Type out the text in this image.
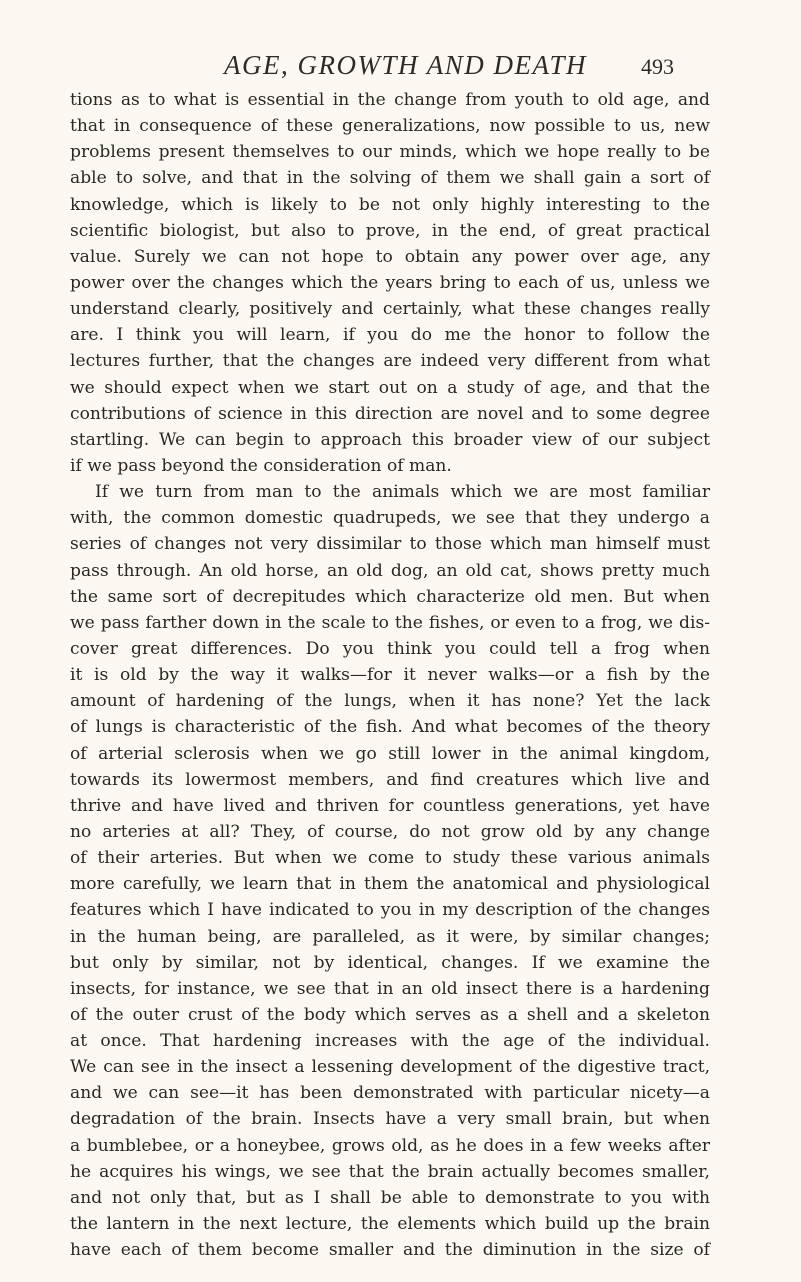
AGE, GROWTH AND DEATH 493
tions as to what is essential in the change from youth to old age, and
that in consequence of these generalizations, now possible to us, new
problems present themselves to our minds, which we hope really to be
able to solve, and that in the solving of them we shall gain a sort of
knowledge, which is likely to be not only highly interesting to the
scientific biologist, but also to prove, in the end, of great practical
value. Surely we can not hope to obtain any power over age, any
power over the changes which the years bring to each of us, unless we
understand clearly, positively and certainly, what these changes really
are. I think you will learn, if you do me the honor to follow the
lectures further, that the changes are indeed very different from what
we should expect when we start out on a study of age, and that the
contributions of science in this direction are novel and to some degree
startling. We can begin to approach this broader view of our subject
if we pass beyond the consideration of man.
If we turn from man to the animals which we are most familiar
with, the common domestic quadrupeds, we see that they undergo a
series of changes not very dissimilar to those which man himself must
pass through. An old horse, an old dog, an old cat, shows pretty much
the same sort of decrepitudes which characterize old men. But when
we pass farther down in the scale to the fishes, or even to a frog, we dis-
cover great differences. Do you think you could tell a frog when
it is old by the way it walks—for it never walks—or a fish by the
amount of hardening of the lungs, when it has none? Yet the lack
of lungs is characteristic of the fish. And what becomes of the theory
of arterial sclerosis when we go still lower in the animal kingdom,
towards its lowermost members, and find creatures which live and
thrive and have lived and thriven for countless generations, yet have
no arteries at all? They, of course, do not grow old by any change
of their arteries. But when we come to study these various animals
more carefully, we learn that in them the anatomical and physiological
features which I have indicated to you in my description of the changes
in the human being, are paralleled, as it were, by similar changes;
but only by similar, not by identical, changes. If we examine the
insects, for instance, we see that in an old insect there is a hardening
of the outer crust of the body which serves as a shell and a skeleton
at once. That hardening increases with the age of the individual.
We can see in the insect a lessening development of the digestive tract,
and we can see—it has been demonstrated with particular nicety—a
degradation of the brain. Insects have a very small brain, but when
a bumblebee, or a honeybee, grows old, as he does in a few weeks after
he acquires his wings, we see that the brain actually becomes smaller,
and not only that, but as I shall be able to demonstrate to you with
the lantern in the next lecture, the elements which build up the brain
have each of them become smaller and the diminution in the size of
